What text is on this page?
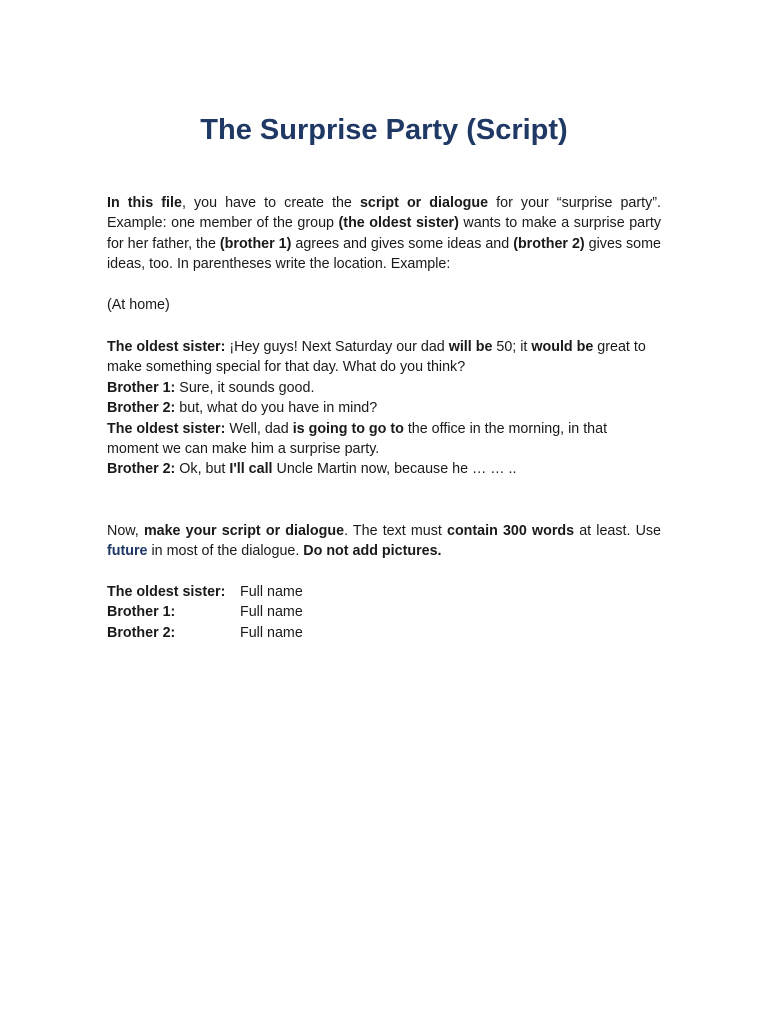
The Surprise Party (Script)

In this file, you have to create the script or dialogue for your “surprise party”. Example: one member of the group (the oldest sister) wants to make a surprise party for her father, the (brother 1) agrees and gives some ideas and (brother 2) gives some ideas, too. In parentheses write the location. Example:

(At home)

The oldest sister: ¡Hey guys! Next Saturday our dad will be 50; it would be great to make something special for that day. What do you think?

Brother 1: Sure, it sounds good.

Brother 2: but, what do you have in mind?

The oldest sister: Well, dad is going to go to the office in the morning, in that moment we can make him a surprise party.

Brother 2: Ok, but I'll call Uncle Martin now, because he … … ..

Now, make your script or dialogue. The text must contain 300 words at least. Use future in most of the dialogue. Do not add pictures.

The oldest sister:	Full name
Brother 1:	Full name
Brother 2:	Full name
